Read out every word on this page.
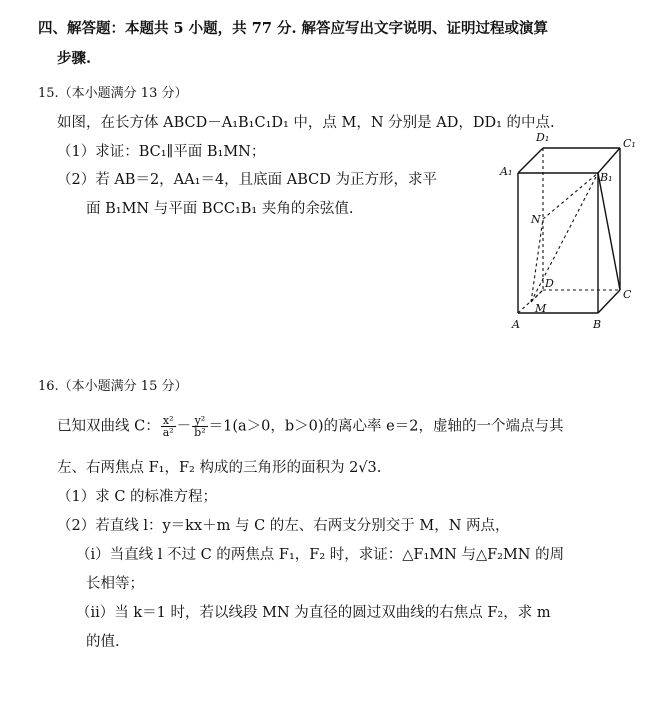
四、解答题：本题共 5 小题，共 77 分. 解答应写出文字说明、证明过程或演算
步骤.
15.（本小题满分 13 分）
如图，在长方体 ABCD－A₁B₁C₁D₁ 中，点 M，N 分别是 AD，DD₁ 的中点.
（1）求证：BC₁∥平面 B₁MN；
（2）若 AB＝2，AA₁＝4，且底面 ABCD 为正方形，求平
面 B₁MN 与平面 BCC₁B₁ 夹角的余弦值.
D₁	C₁
A₁	B₁
N
D
M
C
A	B
16.（本小题满分 15 分）
已知双曲线 C： $\frac{\text{x²}}{\text{a²}} - \frac{\text{y²}}{\text{b²}} =1(a>0$，b＞0)的离心率 e＝2，虚轴的一个端点与其
左、右两焦点 F₁，F₂ 构成的三角形的面积为 2√3.
（1）求 C 的标准方程；
（2）若直线 l：y＝kx＋m 与 C 的左、右两支分别交于 M，N 两点，
（i）当直线 l 不过 C 的两焦点 F₁，F₂ 时，求证：△F₁MN 与△F₂MN 的周
长相等；
（ii）当 k＝1 时，若以线段 MN 为直径的圆过双曲线的右焦点 F₂，求 m
的值.
